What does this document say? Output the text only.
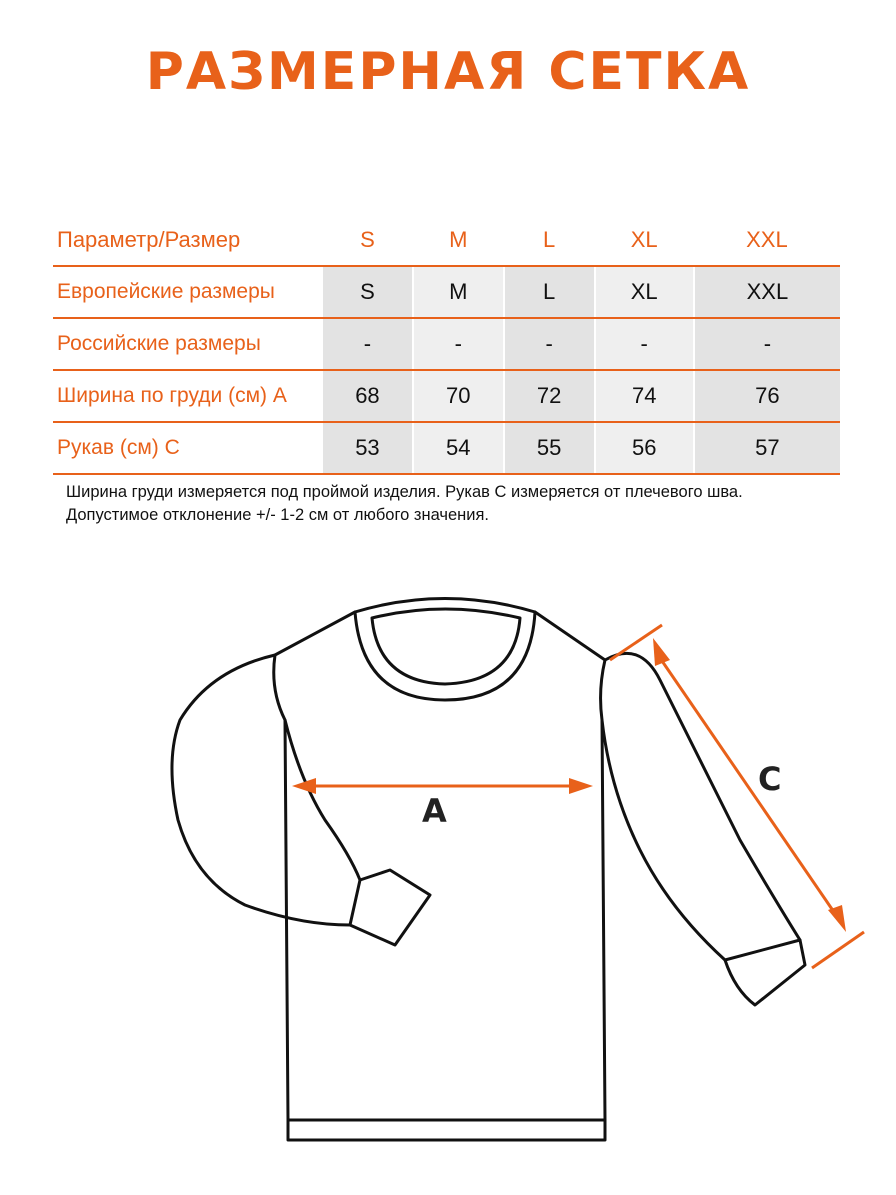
РАЗМЕРНАЯ СЕТКА
Параметр/Размер	S	M	L	XL	XXL
Европейские размеры	S	M	L	XL	XXL
Российские размеры	-	-	-	-	-
Ширина по груди (см) А	68	70	72	74	76
Рукав (см) С	53	54	55	56	57
Ширина груди измеряется под проймой изделия. Рукав С измеряется от плечевого шва.
Допустимое отклонение +/- 1-2 см от любого значения.
A
C
